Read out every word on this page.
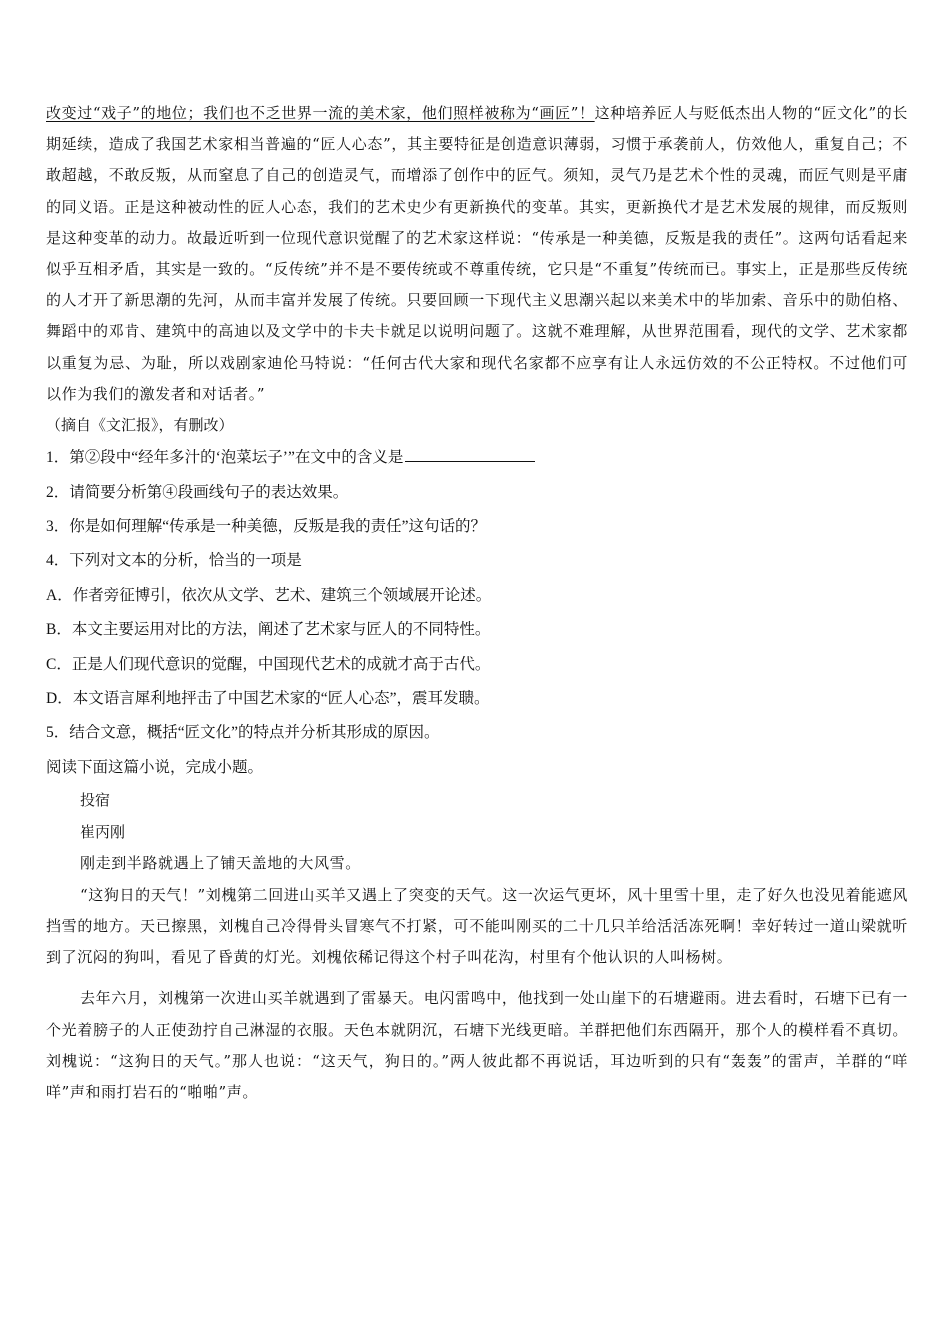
改变过“戏子”的地位；我们也不乏世界一流的美术家，他们照样被称为“画匠”！这种培养匠人与贬低杰出人物的“匠文化”的长期延续，造成了我国艺术家相当普遍的“匠人心态”，其主要特征是创造意识薄弱，习惯于承袭前人，仿效他人，重复自己；不敢超越，不敢反叛，从而窒息了自己的创造灵气，而增添了创作中的匠气。须知，灵气乃是艺术个性的灵魂，而匠气则是平庸的同义语。正是这种被动性的匠人心态，我们的艺术史少有更新换代的变革。其实，更新换代才是艺术发展的规律，而反叛则是这种变革的动力。故最近听到一位现代意识觉醒了的艺术家这样说：“传承是一种美德，反叛是我的责任”。这两句话看起来似乎互相矛盾，其实是一致的。“反传统”并不是不要传统或不尊重传统，它只是“不重复”传统而已。事实上，正是那些反传统的人才开了新思潮的先河，从而丰富并发展了传统。只要回顾一下现代主义思潮兴起以来美术中的毕加索、音乐中的勋伯格、舞蹈中的邓肯、建筑中的高迪以及文学中的卡夫卡就足以说明问题了。这就不难理解，从世界范围看，现代的文学、艺术家都以重复为忌、为耻，所以戏剧家迪伦马特说：“任何古代大家和现代名家都不应享有让人永远仿效的不公正特权。不过他们可以作为我们的激发者和对话者。”

（摘自《文汇报》，有删改）

1．第②段中“经年多汁的‘泡菜坛子’”在文中的含义是

2．请简要分析第④段画线句子的表达效果。

3．你是如何理解“传承是一种美德，反叛是我的责任”这句话的？

4．下列对文本的分析，恰当的一项是

A．作者旁征博引，依次从文学、艺术、建筑三个领域展开论述。

B．本文主要运用对比的方法，阐述了艺术家与匠人的不同特性。

C．正是人们现代意识的觉醒，中国现代艺术的成就才高于古代。

D．本文语言犀利地抨击了中国艺术家的“匠人心态”，震耳发聩。

5．结合文意，概括“匠文化”的特点并分析其形成的原因。

阅读下面这篇小说，完成小题。

投宿

崔丙刚

刚走到半路就遇上了铺天盖地的大风雪。

“这狗日的天气！”刘槐第二回进山买羊又遇上了突变的天气。这一次运气更坏，风十里雪十里，走了好久也没见着能遮风挡雪的地方。天已擦黑，刘槐自己冷得骨头冒寒气不打紧，可不能叫刚买的二十几只羊给活活冻死啊！幸好转过一道山梁就听到了沉闷的狗叫，看见了昏黄的灯光。刘槐依稀记得这个村子叫花沟，村里有个他认识的人叫杨树。

去年六月，刘槐第一次进山买羊就遇到了雷暴天。电闪雷鸣中，他找到一处山崖下的石塘避雨。进去看时，石塘下已有一个光着膀子的人正使劲拧自己淋湿的衣服。天色本就阴沉，石塘下光线更暗。羊群把他们东西隔开，那个人的模样看不真切。刘槐说：“这狗日的天气。”那人也说：“这天气，狗日的。”两人彼此都不再说话，耳边听到的只有“轰轰”的雷声，羊群的“咩咩”声和雨打岩石的“啪啪”声。
